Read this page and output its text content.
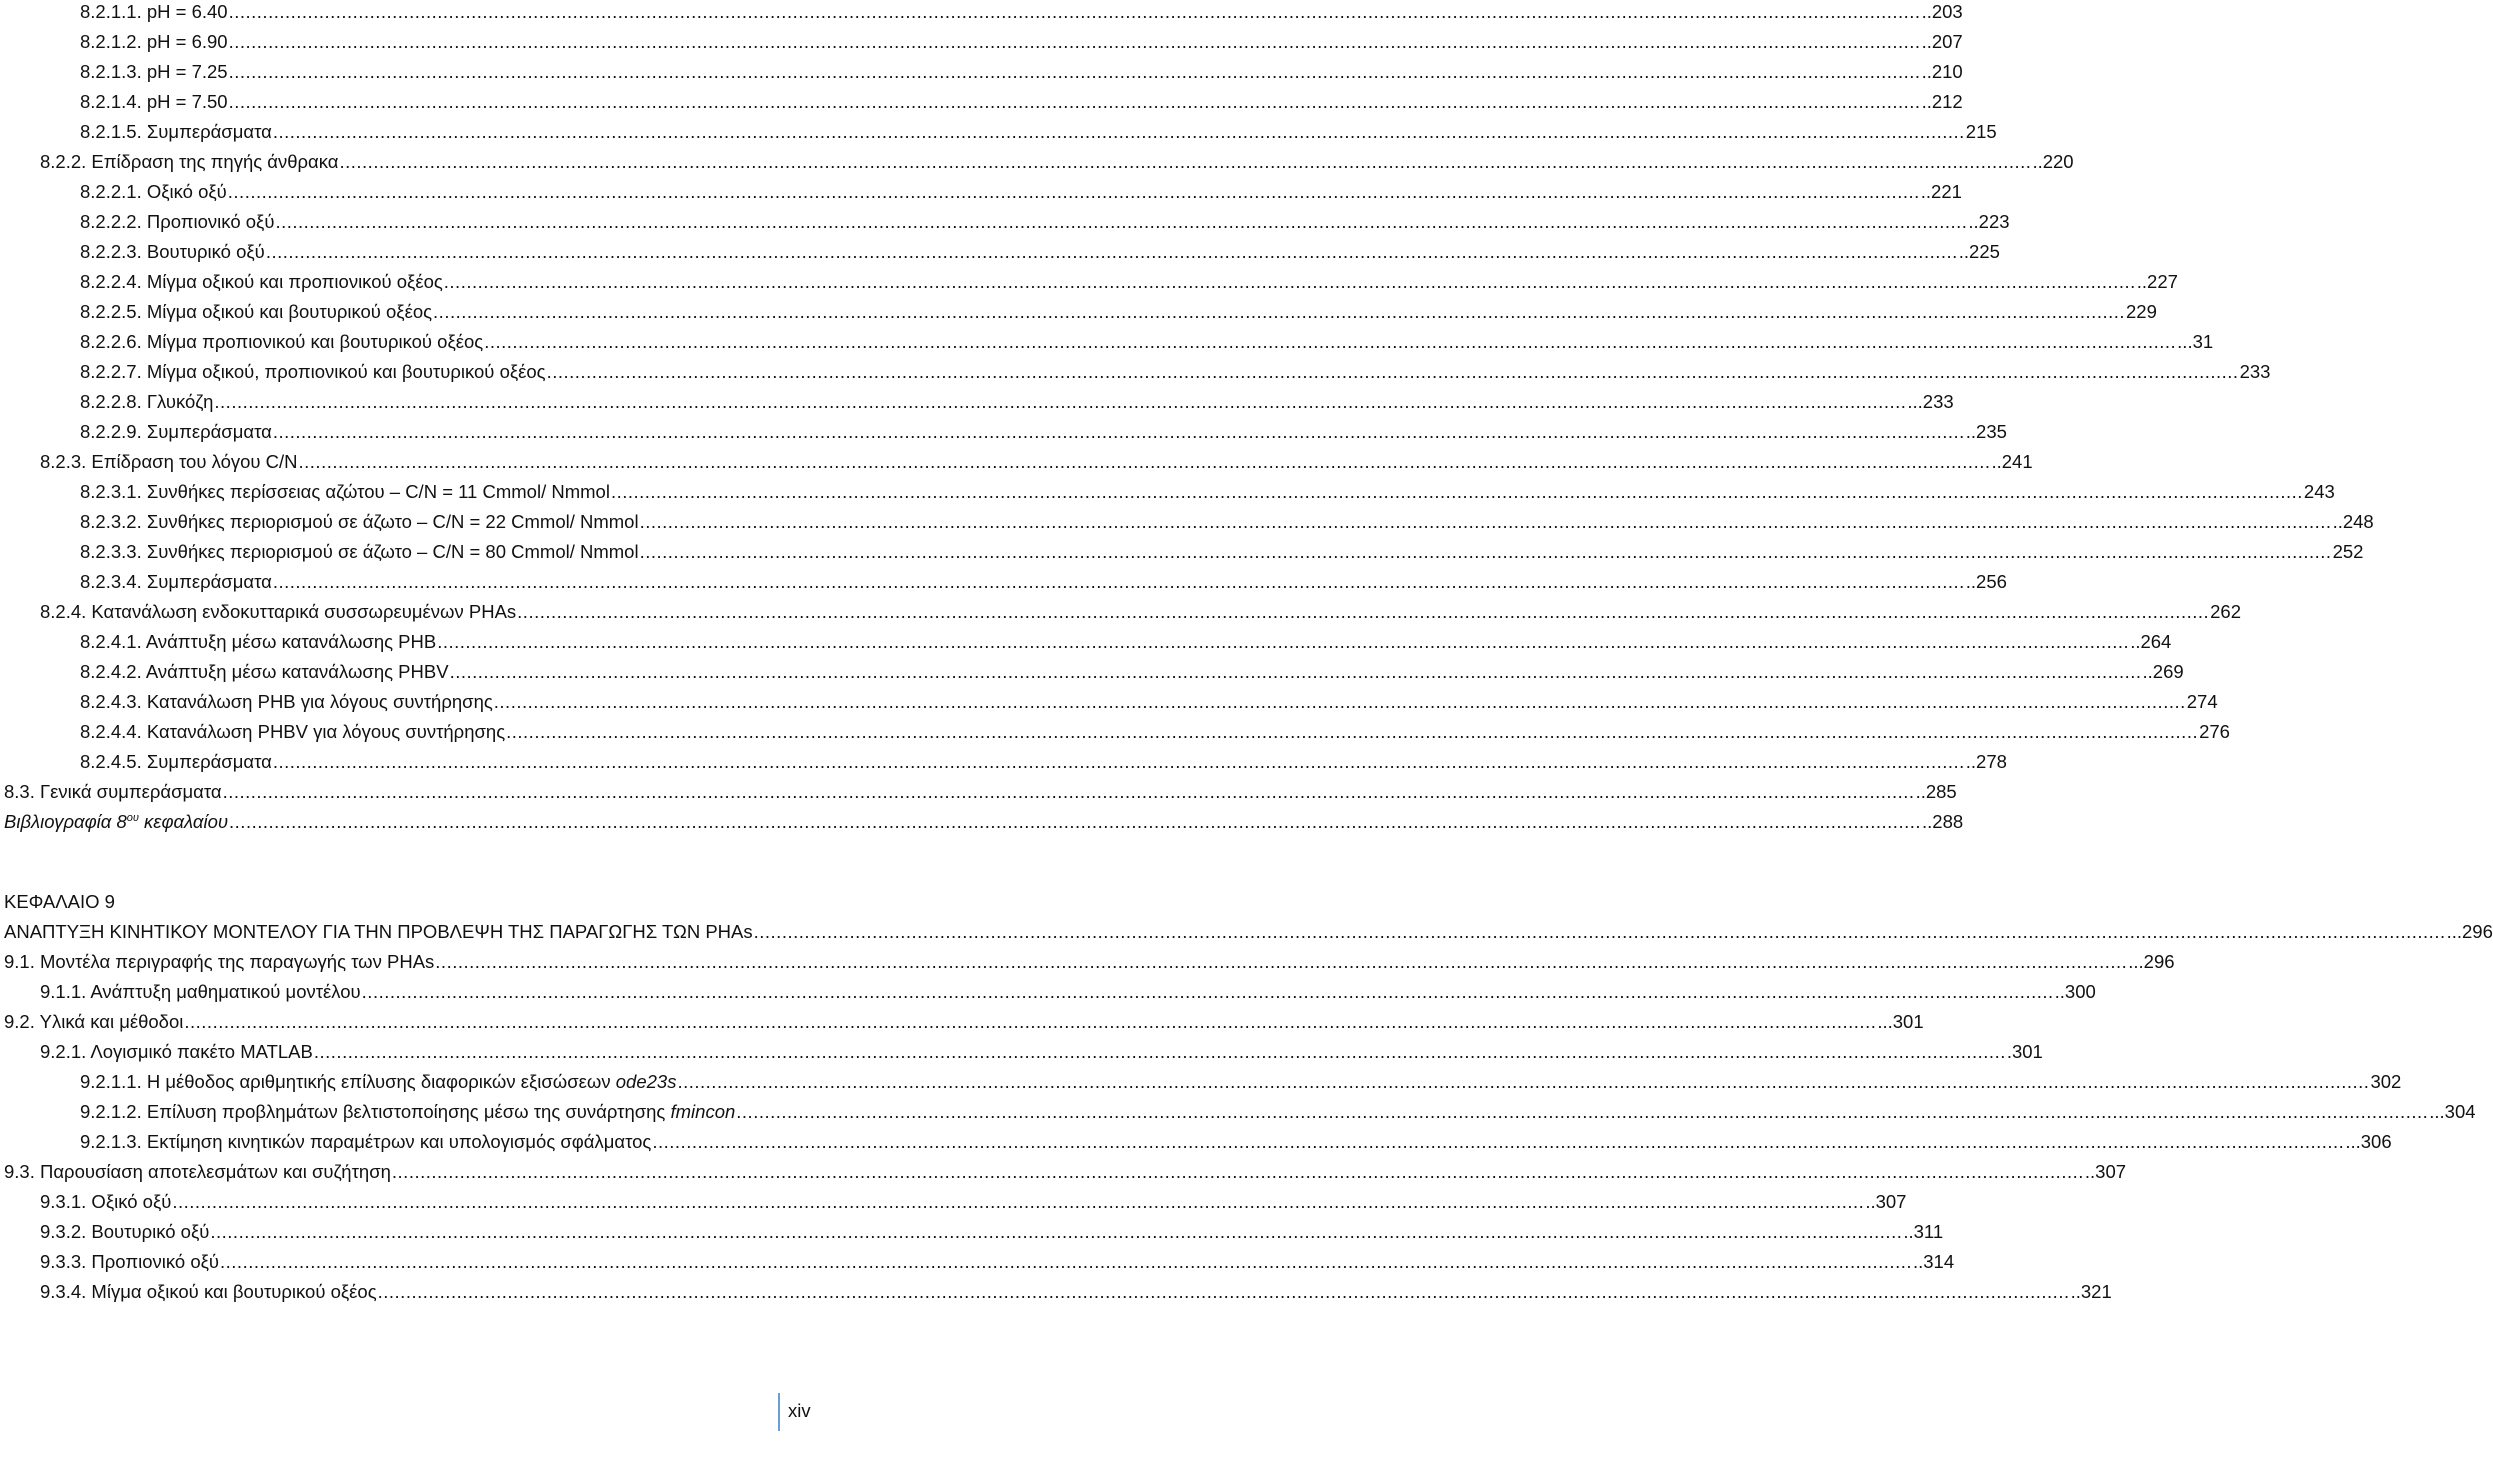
8.2.1.1. pH = 6.40 ............................................................................................................................................................................................................................................................................................................ ..203
8.2.1.2. pH = 6.90 ............................................................................................................................................................................................................................................................................................................ ..207
8.2.1.3. pH = 7.25 ............................................................................................................................................................................................................................................................................................................ ..210
8.2.1.4. pH = 7.50 ............................................................................................................................................................................................................................................................................................................ ..212
8.2.1.5. Συμπεράσματα ............................................................................................................................................................................................................................................................................................................ 215
8.2.2. Επίδραση της πηγής άνθρακα ............................................................................................................................................................................................................................................................................................................ ..220
8.2.2.1. Οξικό οξύ ............................................................................................................................................................................................................................................................................................................ ..221
8.2.2.2. Προπιονικό οξύ ............................................................................................................................................................................................................................................................................................................ ..223
8.2.2.3. Βουτυρικό οξύ ............................................................................................................................................................................................................................................................................................................ ..225
8.2.2.4. Μίγμα οξικού και προπιονικού οξέος ............................................................................................................................................................................................................................................................................................................ ..227
8.2.2.5. Μίγμα οξικού και βουτυρικού οξέος ............................................................................................................................................................................................................................................................................................................ 229
8.2.2.6. Μίγμα προπιονικού και βουτυρικού οξέος ............................................................................................................................................................................................................................................................................................................ ...31
8.2.2.7. Μίγμα οξικού, προπιονικού και βουτυρικού οξέος ............................................................................................................................................................................................................................................................................................................ 233
8.2.2.8. Γλυκόζη ............................................................................................................................................................................................................................................................................................................ ...233
8.2.2.9. Συμπεράσματα ............................................................................................................................................................................................................................................................................................................ ..235
8.2.3. Επίδραση του λόγου C/N ............................................................................................................................................................................................................................................................................................................ ..241
8.2.3.1. Συνθήκες περίσσειας αζώτου – C/N = 11 Cmmol/ Nmmol ............................................................................................................................................................................................................................................................................................................ 243
8.2.3.2. Συνθήκες περιορισμού σε άζωτο – C/N = 22 Cmmol/ Nmmol ............................................................................................................................................................................................................................................................................................................ ..248
8.2.3.3. Συνθήκες περιορισμού σε άζωτο – C/N = 80 Cmmol/ Nmmol ............................................................................................................................................................................................................................................................................................................ 252
8.2.3.4. Συμπεράσματα ............................................................................................................................................................................................................................................................................................................ ..256
8.2.4. Κατανάλωση ενδοκυτταρικά συσσωρευμένων PHAs ............................................................................................................................................................................................................................................................................................................ 262
8.2.4.1. Ανάπτυξη μέσω κατανάλωσης PHB ............................................................................................................................................................................................................................................................................................................ ..264
8.2.4.2. Ανάπτυξη μέσω κατανάλωσης PHBV ............................................................................................................................................................................................................................................................................................................ ..269
8.2.4.3. Κατανάλωση PHB για λόγους συντήρησης ............................................................................................................................................................................................................................................................................................................ 274
8.2.4.4. Κατανάλωση PHBV για λόγους συντήρησης ............................................................................................................................................................................................................................................................................................................ 276
8.2.4.5. Συμπεράσματα ............................................................................................................................................................................................................................................................................................................ ..278
8.3. Γενικά συμπεράσματα ............................................................................................................................................................................................................................................................................................................ ..285
Βιβλιογραφία $8^{o\upsilon}$ κεφαλαίου ............................................................................................................................................................................................................................................................................................................ ..288
ΚΕΦΑΛΑΙΟ 9
ΑΝΑΠΤΥΞΗ ΚΙΝΗΤΙΚΟΥ ΜΟΝΤΕΛΟΥ ΓΙΑ ΤΗΝ ΠΡΟΒΛΕΨΗ ΤΗΣ ΠΑΡΑΓΩΓΗΣ ΤΩΝ PHAs ............................................................................................................................................................................................................................................................................................................ ...296
9.1. Μοντέλα περιγραφής της παραγωγής των PHAs ............................................................................................................................................................................................................................................................................................................ ...296
9.1.1. Ανάπτυξη μαθηματικού μοντέλου ............................................................................................................................................................................................................................................................................................................ ..300
9.2. Υλικά και μέθοδοι ............................................................................................................................................................................................................................................................................................................ ...301
9.2.1. Λογισμικό πακέτο MATLAB ............................................................................................................................................................................................................................................................................................................ .301
9.2.1.1. Η μέθοδος αριθμητικής επίλυσης διαφορικών εξισώσεων ode23s ............................................................................................................................................................................................................................................................................................................ 302
9.2.1.2. Επίλυση προβλημάτων βελτιστοποίησης μέσω της συνάρτησης fmincon ............................................................................................................................................................................................................................................................................................................ ...304
9.2.1.3. Εκτίμηση κινητικών παραμέτρων και υπολογισμός σφάλματος ............................................................................................................................................................................................................................................................................................................ ...306
9.3. Παρουσίαση αποτελεσμάτων και συζήτηση ............................................................................................................................................................................................................................................................................................................ ..307
9.3.1. Οξικό οξύ ............................................................................................................................................................................................................................................................................................................ ..307
9.3.2. Βουτυρικό οξύ ............................................................................................................................................................................................................................................................................................................ ..311
9.3.3. Προπιονικό οξύ ............................................................................................................................................................................................................................................................................................................ ..314
9.3.4. Μίγμα οξικού και βουτυρικού οξέος ............................................................................................................................................................................................................................................................................................................ ..321
xiv
